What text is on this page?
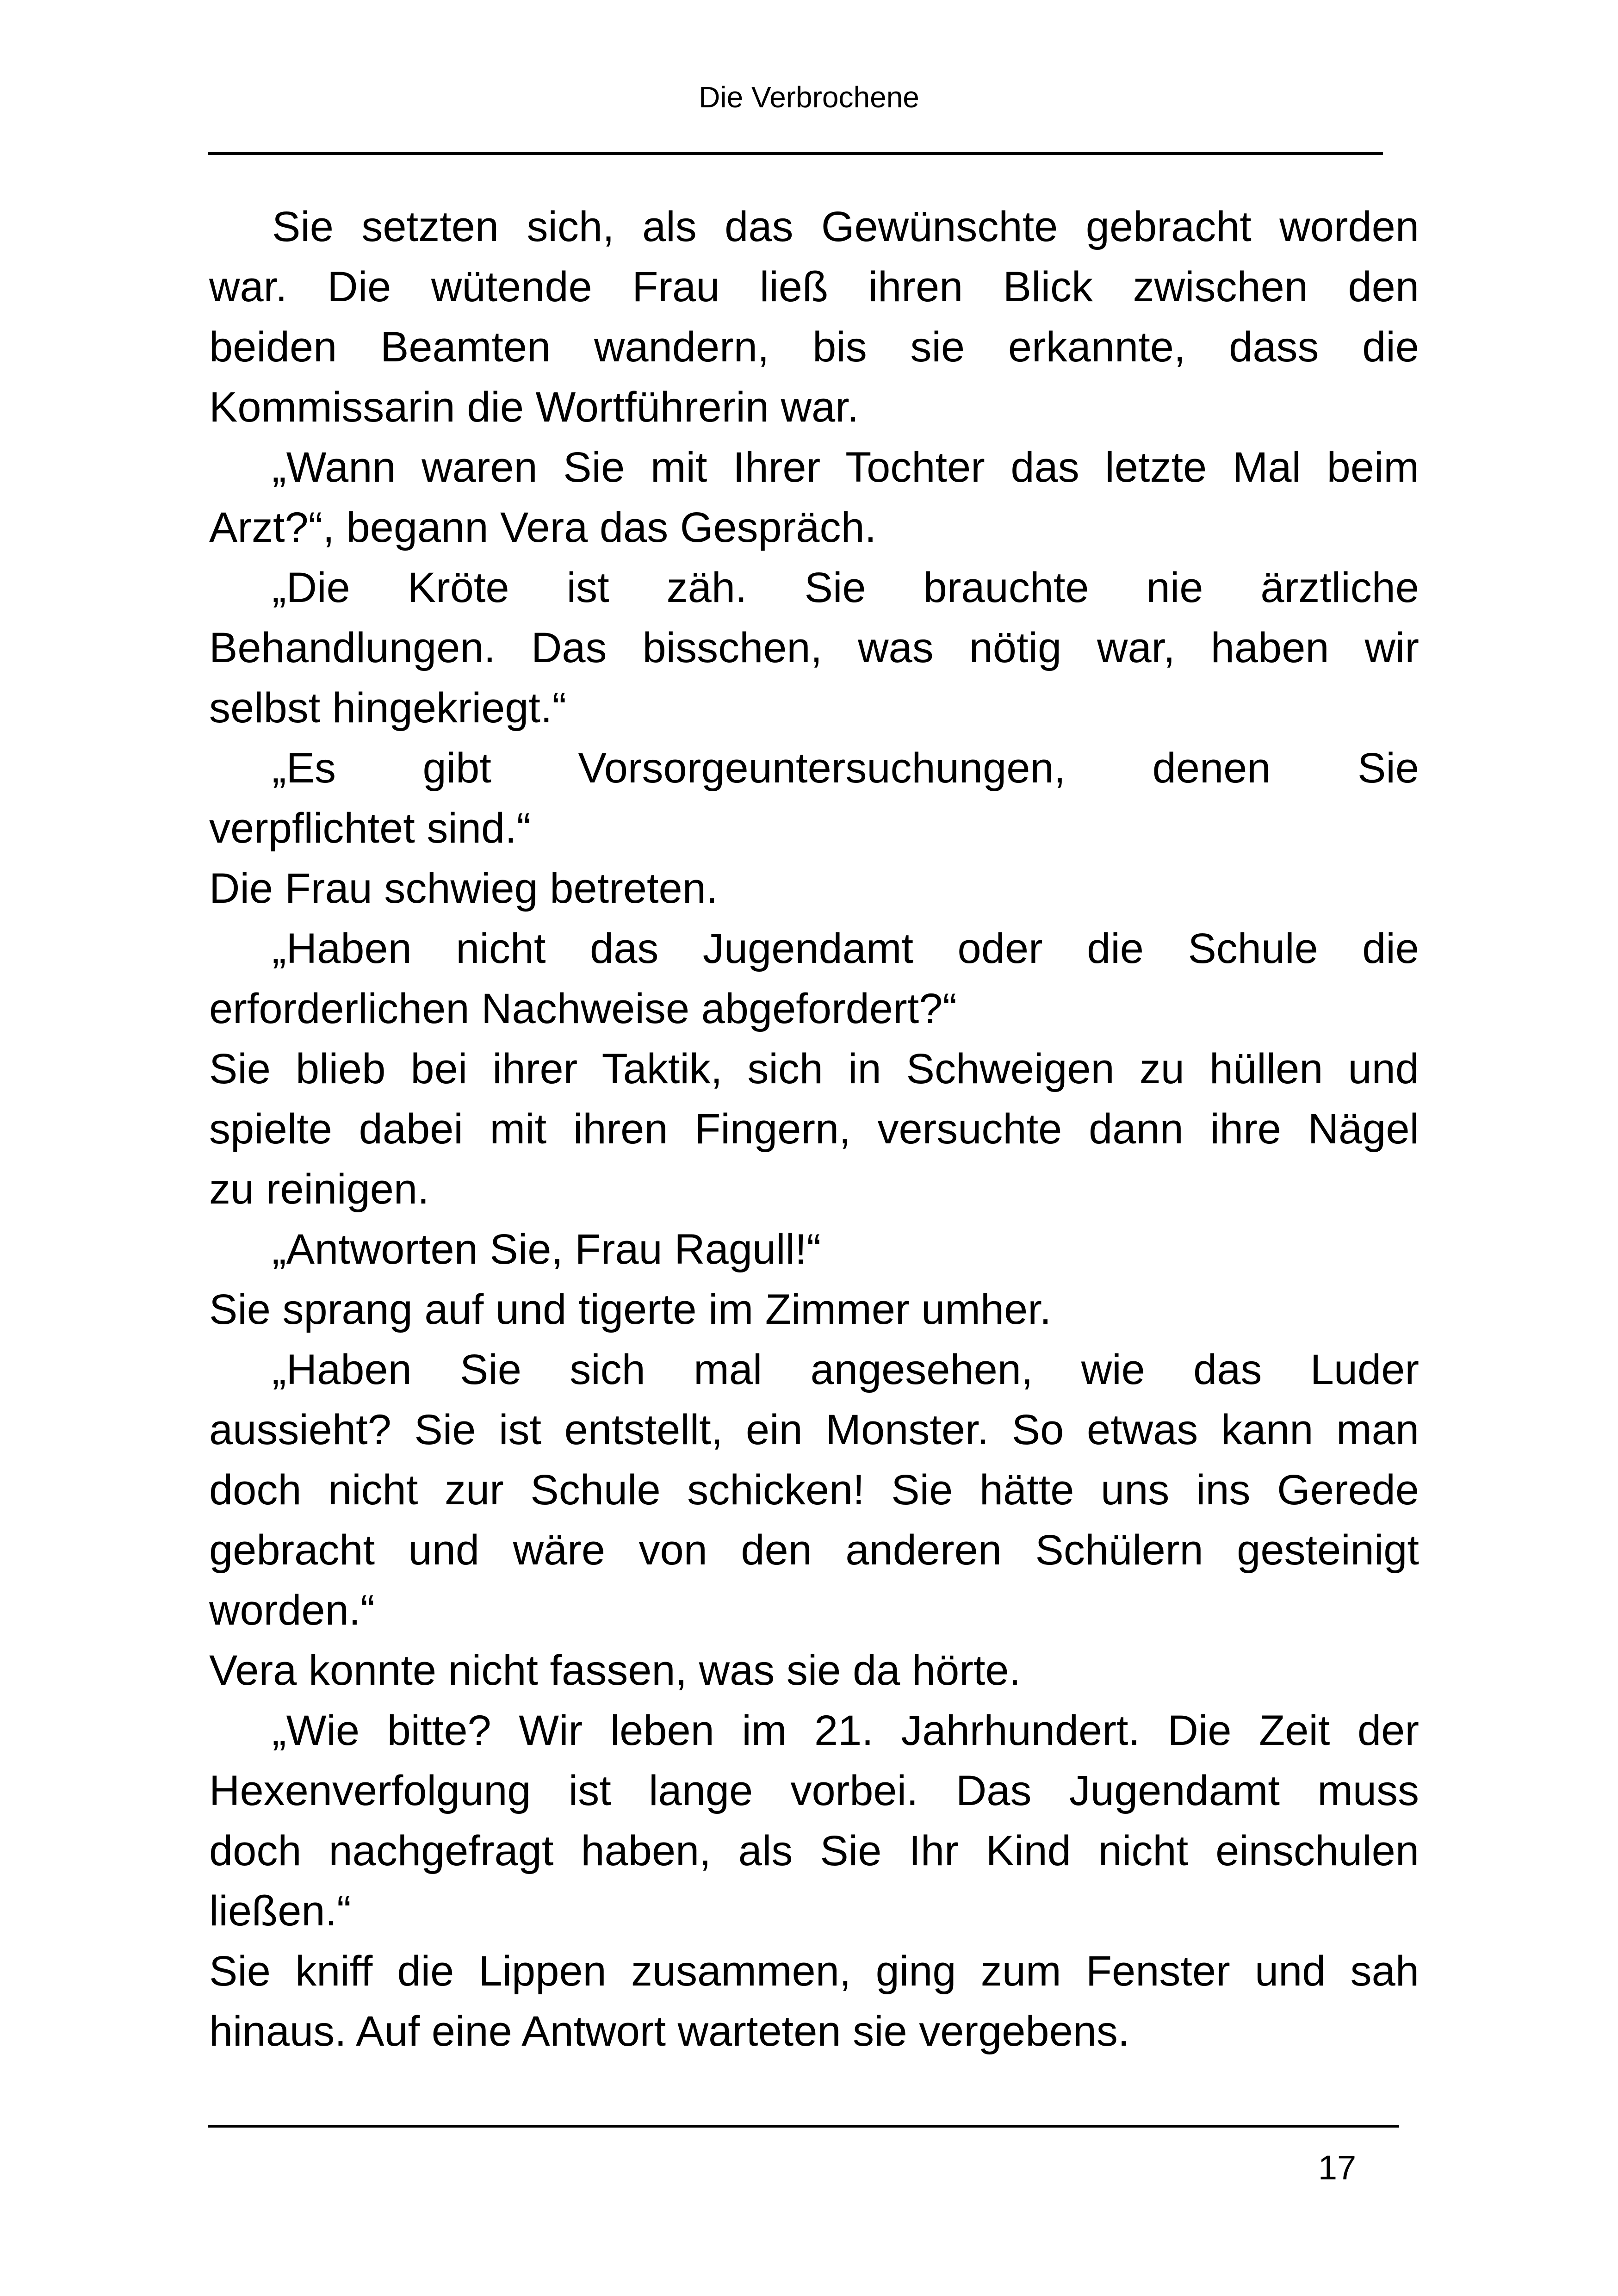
Die Verbrochene
Sie setzten sich, als das Gewünschte gebracht worden
war. Die wütende Frau ließ ihren Blick zwischen den
beiden Beamten wandern, bis sie erkannte, dass die
Kommissarin die Wortführerin war.
„Wann waren Sie mit Ihrer Tochter das letzte Mal beim
Arzt?“, begann Vera das Gespräch.
„Die Kröte ist zäh. Sie brauchte nie ärztliche
Behandlungen. Das bisschen, was nötig war, haben wir
selbst hingekriegt.“
„Es gibt Vorsorgeuntersuchungen, denen Sie
verpflichtet sind.“
Die Frau schwieg betreten.
„Haben nicht das Jugendamt oder die Schule die
erforderlichen Nachweise abgefordert?“
Sie blieb bei ihrer Taktik, sich in Schweigen zu hüllen und
spielte dabei mit ihren Fingern, versuchte dann ihre Nägel
zu reinigen.
„Antworten Sie, Frau Ragull!“
Sie sprang auf und tigerte im Zimmer umher.
„Haben Sie sich mal angesehen, wie das Luder
aussieht? Sie ist entstellt, ein Monster. So etwas kann man
doch nicht zur Schule schicken! Sie hätte uns ins Gerede
gebracht und wäre von den anderen Schülern gesteinigt
worden.“
Vera konnte nicht fassen, was sie da hörte.
„Wie bitte? Wir leben im 21. Jahrhundert. Die Zeit der
Hexenverfolgung ist lange vorbei. Das Jugendamt muss
doch nachgefragt haben, als Sie Ihr Kind nicht einschulen
ließen.“
Sie kniff die Lippen zusammen, ging zum Fenster und sah
hinaus. Auf eine Antwort warteten sie vergebens.
17
